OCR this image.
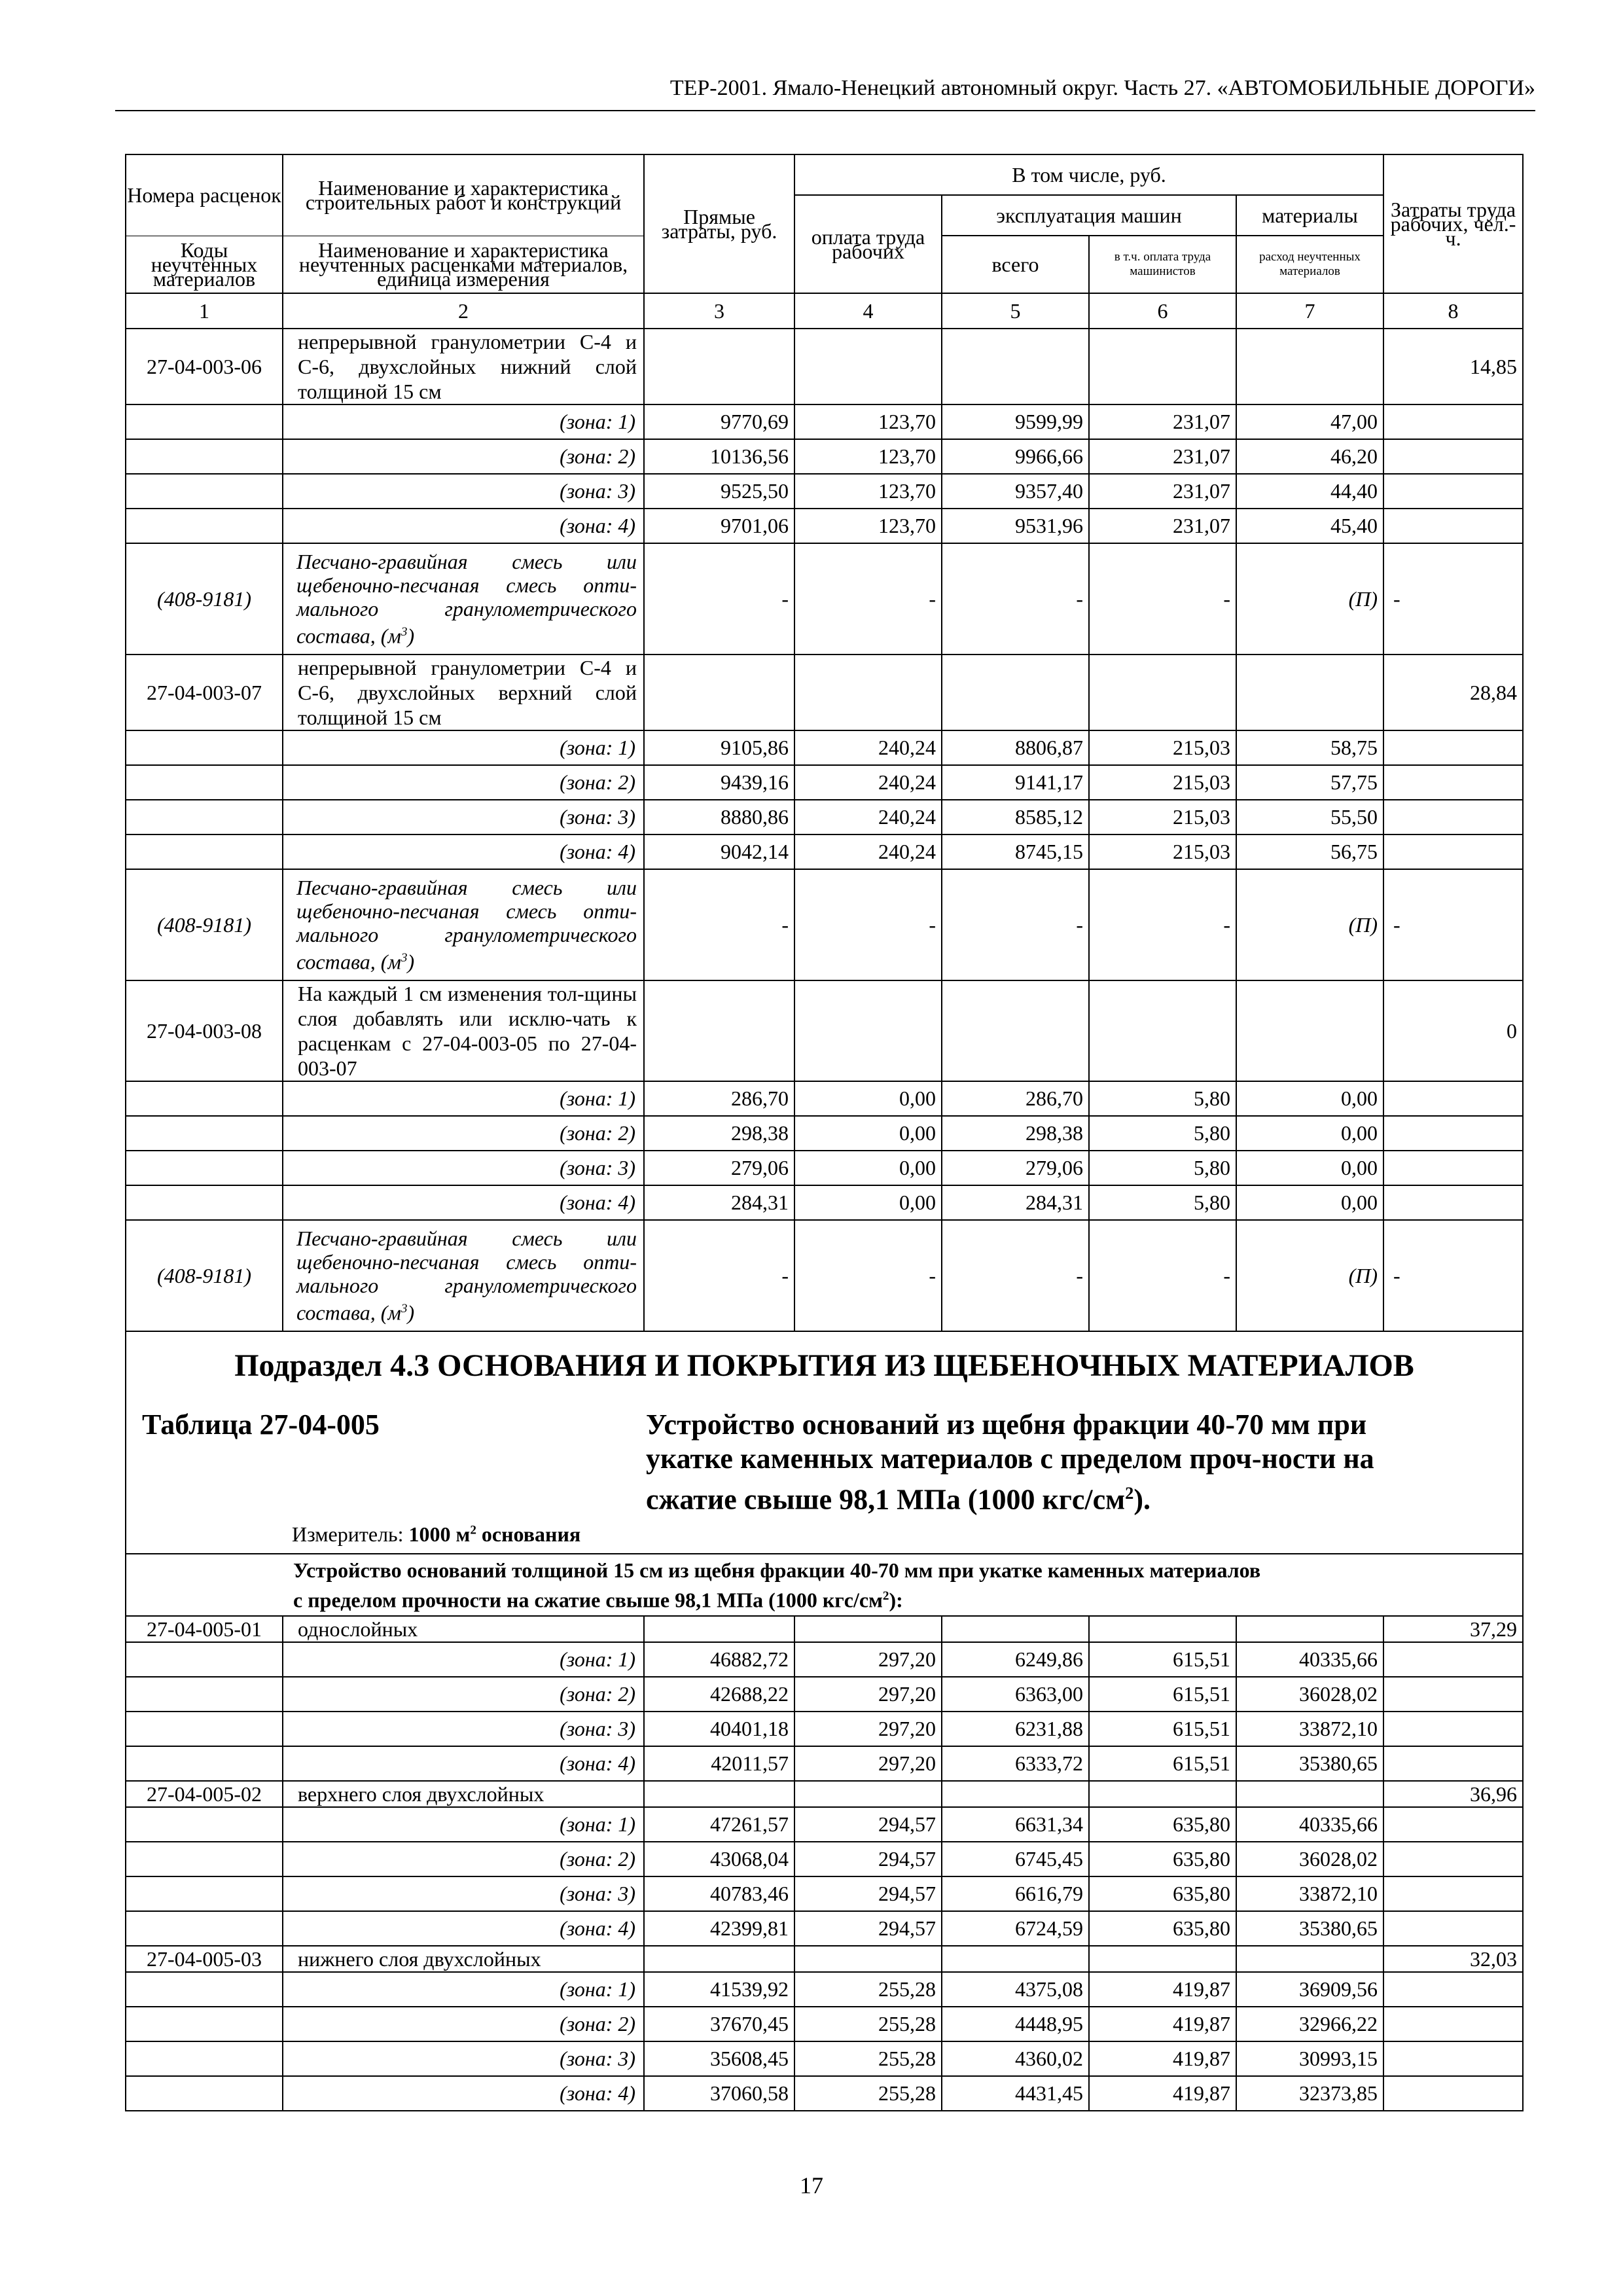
ТЕР-2001. Ямало-Ненецкий автономный округ. Часть 27. «АВТОМОБИЛЬНЫЕ ДОРОГИ»
Номера расценок	Наименование и характеристика строительных работ и конструкций	Прямые затраты, руб.	В том числе, руб.				Затраты труда рабочих, чел.-ч.
			оплата труда рабочих	эксплуатация машин		материалы	
Коды неучтенных материалов	Наименование и характеристика неучтенных расценками материалов, единица измерения			всего	в т.ч. оплата труда машинистов	расход неучтенных материалов	
1	2	3	4	5	6	7	8
27-04-003-06	непрерывной гранулометрии С-4 и С-6, двухслойных нижний слой толщиной 15 см						14,85
	(зона: 1)	9770,69	123,70	9599,99	231,07	47,00	
	(зона: 2)	10136,56	123,70	9966,66	231,07	46,20	
	(зона: 3)	9525,50	123,70	9357,40	231,07	44,40	
	(зона: 4)	9701,06	123,70	9531,96	231,07	45,40	
(408-9181)	Песчано-гравийная смесь или щебеночно-песчаная смесь опти-мального гранулометрического состава, $(м^3)$	-	-	-	-	(П)	-
27-04-003-07	непрерывной гранулометрии С-4 и С-6, двухслойных верхний слой толщиной 15 см						28,84
	(зона: 1)	9105,86	240,24	8806,87	215,03	58,75	
	(зона: 2)	9439,16	240,24	9141,17	215,03	57,75	
	(зона: 3)	8880,86	240,24	8585,12	215,03	55,50	
	(зона: 4)	9042,14	240,24	8745,15	215,03	56,75	
(408-9181)	Песчано-гравийная смесь или щебеночно-песчаная смесь опти-мального гранулометрического состава, $(м^3)$	-	-	-	-	(П)	-
27-04-003-08	На каждый 1 см изменения тол-щины слоя добавлять или исклю-чать к расценкам с 27-04-003-05 по 27-04-003-07						0
	(зона: 1)	286,70	0,00	286,70	5,80	0,00	
	(зона: 2)	298,38	0,00	298,38	5,80	0,00	
	(зона: 3)	279,06	0,00	279,06	5,80	0,00	
	(зона: 4)	284,31	0,00	284,31	5,80	0,00	
(408-9181)	Песчано-гравийная смесь или щебеночно-песчаная смесь опти-мального гранулометрического состава, $(м^3)$	-	-	-	-	(П)	-

Подраздел 4.3 ОСНОВАНИЯ И ПОКРЫТИЯ ИЗ ЩЕБЕНОЧНЫХ МАТЕРИАЛОВ
Таблица 27-04-005 Устройство оснований из щебня фракции 40-70 мм при укатке каменных материалов с пределом проч-ности на сжатие свыше 98,1 МПа (1000 кгс/$см^2$).
Измеритель: 1000 $м^2$ основания							

Устройство оснований толщиной 15 см из щебня фракции 40-70 мм при укатке каменных материалов
с пределом прочности на сжатие свыше 98,1 МПа (1000 кгс/$см^2$):							

27-04-005-01	однослойных						37,29
	(зона: 1)	46882,72	297,20	6249,86	615,51	40335,66	
	(зона: 2)	42688,22	297,20	6363,00	615,51	36028,02	
	(зона: 3)	40401,18	297,20	6231,88	615,51	33872,10	
	(зона: 4)	42011,57	297,20	6333,72	615,51	35380,65	
27-04-005-02	верхнего слоя двухслойных						36,96
	(зона: 1)	47261,57	294,57	6631,34	635,80	40335,66	
	(зона: 2)	43068,04	294,57	6745,45	635,80	36028,02	
	(зона: 3)	40783,46	294,57	6616,79	635,80	33872,10	
	(зона: 4)	42399,81	294,57	6724,59	635,80	35380,65	
27-04-005-03	нижнего слоя двухслойных						32,03
	(зона: 1)	41539,92	255,28	4375,08	419,87	36909,56	
	(зона: 2)	37670,45	255,28	4448,95	419,87	32966,22	
	(зона: 3)	35608,45	255,28	4360,02	419,87	30993,15	
	(зона: 4)	37060,58	255,28	4431,45	419,87	32373,85	
17
